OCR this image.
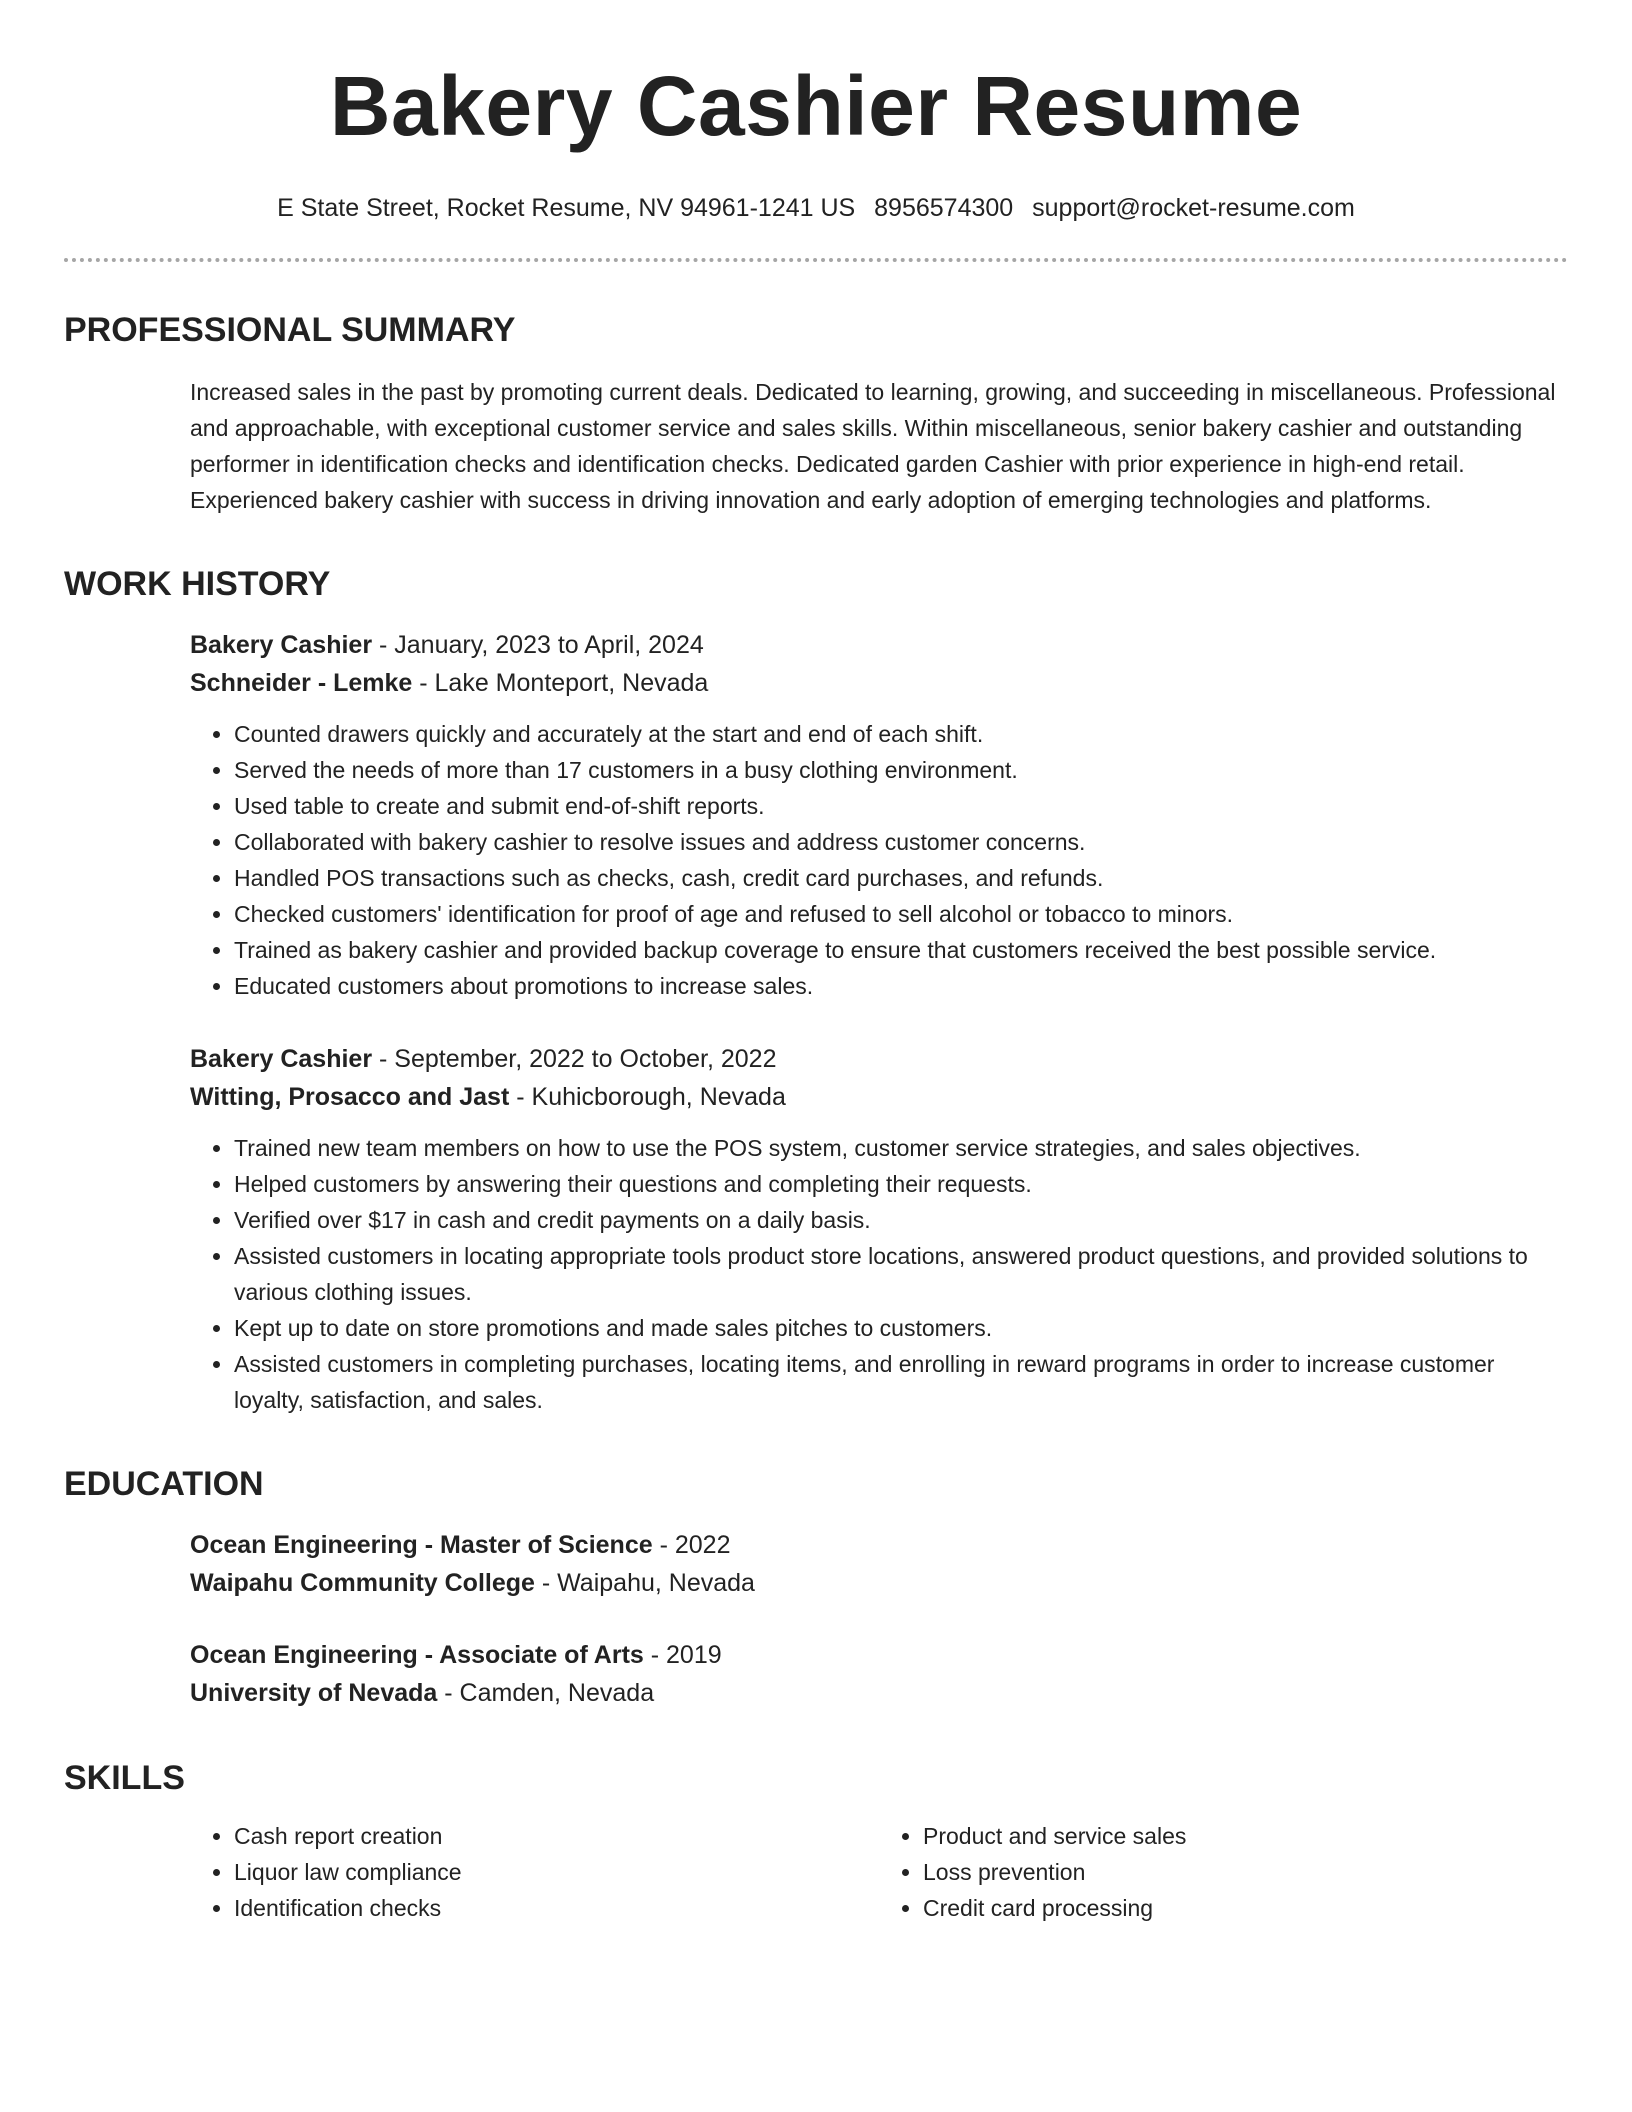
Bakery Cashier Resume
E State Street, Rocket Resume, NV 94961-1241 US 8956574300 support@rocket-resume.com
PROFESSIONAL SUMMARY
Increased sales in the past by promoting current deals. Dedicated to learning, growing, and succeeding in miscellaneous. Professional and approachable, with exceptional customer service and sales skills. Within miscellaneous, senior bakery cashier and outstanding performer in identification checks and identification checks. Dedicated garden Cashier with prior experience in high-end retail. Experienced bakery cashier with success in driving innovation and early adoption of emerging technologies and platforms.
WORK HISTORY
Bakery Cashier - January, 2023 to April, 2024
Schneider - Lemke - Lake Monteport, Nevada
• Counted drawers quickly and accurately at the start and end of each shift.
• Served the needs of more than 17 customers in a busy clothing environment.
• Used table to create and submit end-of-shift reports.
• Collaborated with bakery cashier to resolve issues and address customer concerns.
• Handled POS transactions such as checks, cash, credit card purchases, and refunds.
• Checked customers' identification for proof of age and refused to sell alcohol or tobacco to minors.
• Trained as bakery cashier and provided backup coverage to ensure that customers received the best possible service.
• Educated customers about promotions to increase sales.
Bakery Cashier - September, 2022 to October, 2022
Witting, Prosacco and Jast - Kuhicborough, Nevada
• Trained new team members on how to use the POS system, customer service strategies, and sales objectives.
• Helped customers by answering their questions and completing their requests.
• Verified over $17 in cash and credit payments on a daily basis.
• Assisted customers in locating appropriate tools product store locations, answered product questions, and provided solutions to various clothing issues.
• Kept up to date on store promotions and made sales pitches to customers.
• Assisted customers in completing purchases, locating items, and enrolling in reward programs in order to increase customer loyalty, satisfaction, and sales.
EDUCATION
Ocean Engineering - Master of Science - 2022
Waipahu Community College - Waipahu, Nevada
Ocean Engineering - Associate of Arts - 2019
University of Nevada - Camden, Nevada
SKILLS
• Cash report creation
• Liquor law compliance
• Identification checks
• Product and service sales
• Loss prevention
• Credit card processing
